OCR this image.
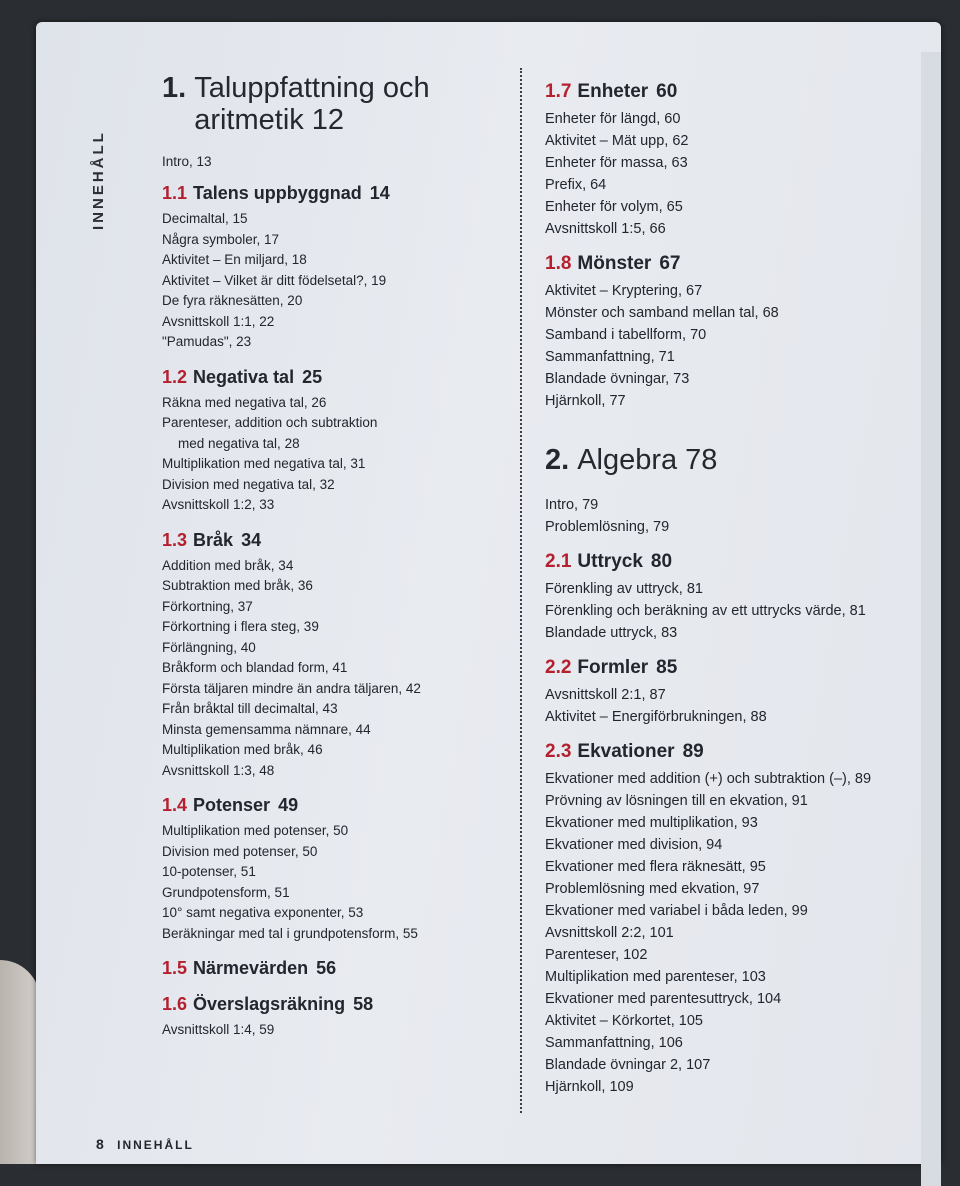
INNEHÅLL
1. Taluppfattning och aritmetik 12
Intro, 13
1.1 Talens uppbyggnad 14
Decimaltal, 15
Några symboler, 17
Aktivitet – En miljard, 18
Aktivitet – Vilket är ditt födelsetal?, 19
De fyra räknesätten, 20
Avsnittskoll 1:1, 22
"Pamudas", 23
1.2 Negativa tal 25
Räkna med negativa tal, 26
Parenteser, addition och subtraktion
med negativa tal, 28
Multiplikation med negativa tal, 31
Division med negativa tal, 32
Avsnittskoll 1:2, 33
1.3 Bråk 34
Addition med bråk, 34
Subtraktion med bråk, 36
Förkortning, 37
Förkortning i flera steg, 39
Förlängning, 40
Bråkform och blandad form, 41
Första täljaren mindre än andra täljaren, 42
Från bråktal till decimaltal, 43
Minsta gemensamma nämnare, 44
Multiplikation med bråk, 46
Avsnittskoll 1:3, 48
1.4 Potenser 49
Multiplikation med potenser, 50
Division med potenser, 50
10-potenser, 51
Grundpotensform, 51
10° samt negativa exponenter, 53
Beräkningar med tal i grundpotensform, 55
1.5 Närmevärden 56
1.6 Överslagsräkning 58
Avsnittskoll 1:4, 59
1.7 Enheter 60
Enheter för längd, 60
Aktivitet – Mät upp, 62
Enheter för massa, 63
Prefix, 64
Enheter för volym, 65
Avsnittskoll 1:5, 66
1.8 Mönster 67
Aktivitet – Kryptering, 67
Mönster och samband mellan tal, 68
Samband i tabellform, 70
Sammanfattning, 71
Blandade övningar, 73
Hjärnkoll, 77
2. Algebra 78
Intro, 79
Problemlösning, 79
2.1 Uttryck 80
Förenkling av uttryck, 81
Förenkling och beräkning av ett uttrycks värde, 81
Blandade uttryck, 83
2.2 Formler 85
Avsnittskoll 2:1, 87
Aktivitet – Energiförbrukningen, 88
2.3 Ekvationer 89
Ekvationer med addition (+) och subtraktion (–), 89
Prövning av lösningen till en ekvation, 91
Ekvationer med multiplikation, 93
Ekvationer med division, 94
Ekvationer med flera räknesätt, 95
Problemlösning med ekvation, 97
Ekvationer med variabel i båda leden, 99
Avsnittskoll 2:2, 101
Parenteser, 102
Multiplikation med parenteser, 103
Ekvationer med parentesuttryck, 104
Aktivitet – Körkortet, 105
Sammanfattning, 106
Blandade övningar 2, 107
Hjärnkoll, 109
8 INNEHÅLL
